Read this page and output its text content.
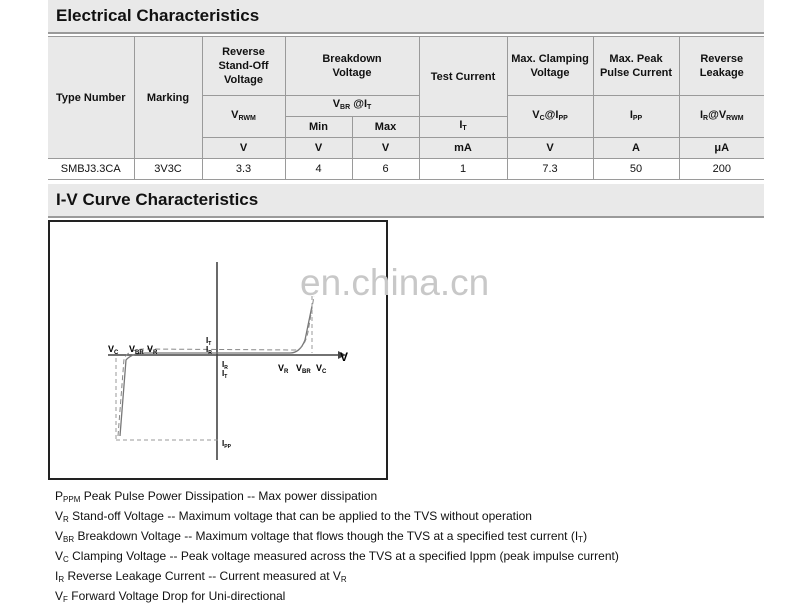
Electrical Characteristics
Type Number	Marking	Reverse Stand-Off Voltage	Breakdown Voltage		Test Current	Max. Clamping Voltage	Max. Peak Pulse Current	Reverse Leakage
		$V_{RWM}$	$V_{BR}$ $@I_T$			$V_C@I_{PP}$	$I_{PP}$	$I_R@V_{RWM}$
			Min	Max	$I_T$
		V	V	V	mA	V	A	μA
SMBJ3.3CA	3V3C	3.3	4	6	1	7.3	50	200
I-V Curve Characteristics
$V_C$ $V_{BR}$ $V_R$
$I_T$
$I_R$
$I_R$
$I_T$
$V_R$ $V_{BR}$ $V_C$
V
$I_{PP}$
en.china.cn
$P_{PPM}$ Peak Pulse Power Dissipation -- Max power dissipation
$V_R$ Stand-off Voltage -- Maximum voltage that can be applied to the TVS without operation
$V_{BR}$ Breakdown Voltage -- Maximum voltage that flows though the TVS at a specified test current $(I_T)$
$V_C$ Clamping Voltage -- Peak voltage measured across the TVS at a specified Ippm (peak impulse current)
$I_R$ Reverse Leakage Current -- Current measured at $V_R$
$V_F$ Forward Voltage Drop for Uni-directional
